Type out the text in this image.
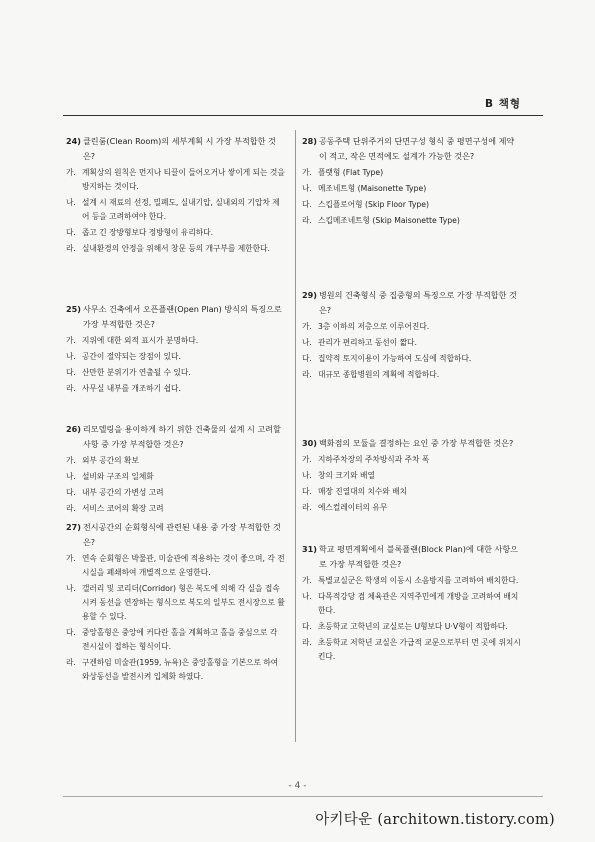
B 책형
24) 클린룸(Clean Room)의 세부계획 시 가장 부적합한 것은?
가. 계획상의 원칙은 먼지나 티끌이 들어오거나 쌓이게 되는 것을 방지하는 것이다.
나. 설계 시 재료의 선정, 밀폐도, 실내기압, 실내외의 기압차 제어 등을 고려하여야 한다.
다. 좁고 긴 장방형보다 정방형이 유리하다.
라. 실내환경의 안정을 위해서 창문 등의 개구부를 제한한다.
25) 사무소 건축에서 오픈플랜(Open Plan) 방식의 특징으로 가장 부적합한 것은?
가. 지위에 대한 외적 표시가 분명하다.
나. 공간이 절약되는 장점이 있다.
다. 산만한 분위기가 연출될 수 있다.
라. 사무실 내부를 개조하기 쉽다.
26) 리모델링을 용이하게 하기 위한 건축물의 설계 시 고려할 사항 중 가장 부적합한 것은?
가. 외부 공간의 확보
나. 설비와 구조의 일체화
다. 내부 공간의 가변성 고려
라. 서비스 코어의 확장 고려
27) 전시공간의 순회형식에 관련된 내용 중 가장 부적합한 것은?
가. 연속 순회형은 박물관, 미술관에 적용하는 것이 좋으며, 각 전시실을 폐쇄하여 개별적으로 운영한다.
나. 갤러리 및 코리더(Corridor) 형은 복도에 의해 각 실을 접속시켜 동선을 연장하는 형식으로 복도의 일부도 전시장으로 활용할 수 있다.
다. 중앙홀형은 중앙에 커다란 홀을 계획하고 홀을 중심으로 각 전시실이 접하는 형식이다.
라. 구겐하임 미술관(1959, 뉴욕)은 중앙홀형을 기본으로 하여 와상동선을 발전시켜 입체화 하였다.
28) 공동주택 단위주거의 단면구성 형식 중 평면구성에 제약이 적고, 작은 면적에도 설계가 가능한 것은?
가. 플랫형 (Flat Type)
나. 메조네트형 (Maisonette Type)
다. 스킵플로어형 (Skip Floor Type)
라. 스킵메조네트형 (Skip Maisonette Type)
29) 병원의 건축형식 중 집중형의 특징으로 가장 부적합한 것은?
가. 3층 이하의 저층으로 이루어진다.
나. 관리가 편리하고 동선이 짧다.
다. 집약적 토지이용이 가능하여 도심에 적합하다.
라. 대규모 종합병원의 계획에 적합하다.
30) 백화점의 모듈을 결정하는 요인 중 가장 부적합한 것은?
가. 지하주차장의 주차방식과 주차 폭
나. 창의 크기와 배열
다. 매장 진열대의 치수와 배치
라. 에스컬레이터의 유무
31) 학교 평면계획에서 블록플랜(Block Plan)에 대한 사항으로 가장 부적합한 것은?
가. 특별교실군은 학생의 이동시 소음방지를 고려하여 배치한다.
나. 다목적강당 겸 체육관은 지역주민에게 개방을 고려하여 배치한다.
다. 초등학교 고학년의 교실로는 U형보다 U·V형이 적합하다.
라. 초등학교 저학년 교실은 가급적 교문으로부터 먼 곳에 위치시킨다.
- 4 -
아키타운 (architown.tistory.com)
